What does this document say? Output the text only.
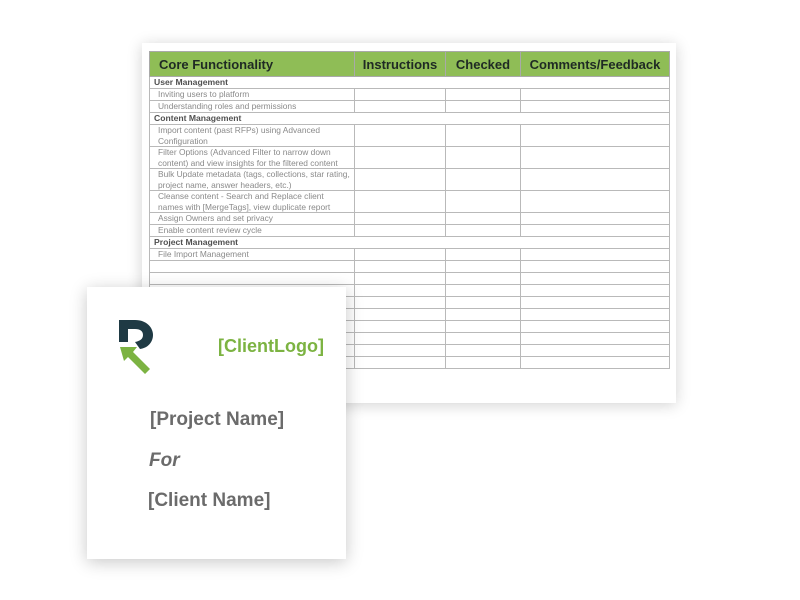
Core Functionality	Instructions	Checked	Comments/Feedback
User Management			
Inviting users to platform			
Understanding roles and permissions			
Content Management			
Import content (past RFPs) using Advanced Configuration			
Filter Options (Advanced Filter to narrow down content) and view insights for the filtered content			
Bulk Update metadata (tags, collections, star rating, project name, answer headers, etc.)			
Cleanse content - Search and Replace client names with [MergeTags], view duplicate report			
Assign Owners and set privacy			
Enable content review cycle			
Project Management			
File Import Management			

[ClientLogo]
[Project Name]
For
[Client Name]
